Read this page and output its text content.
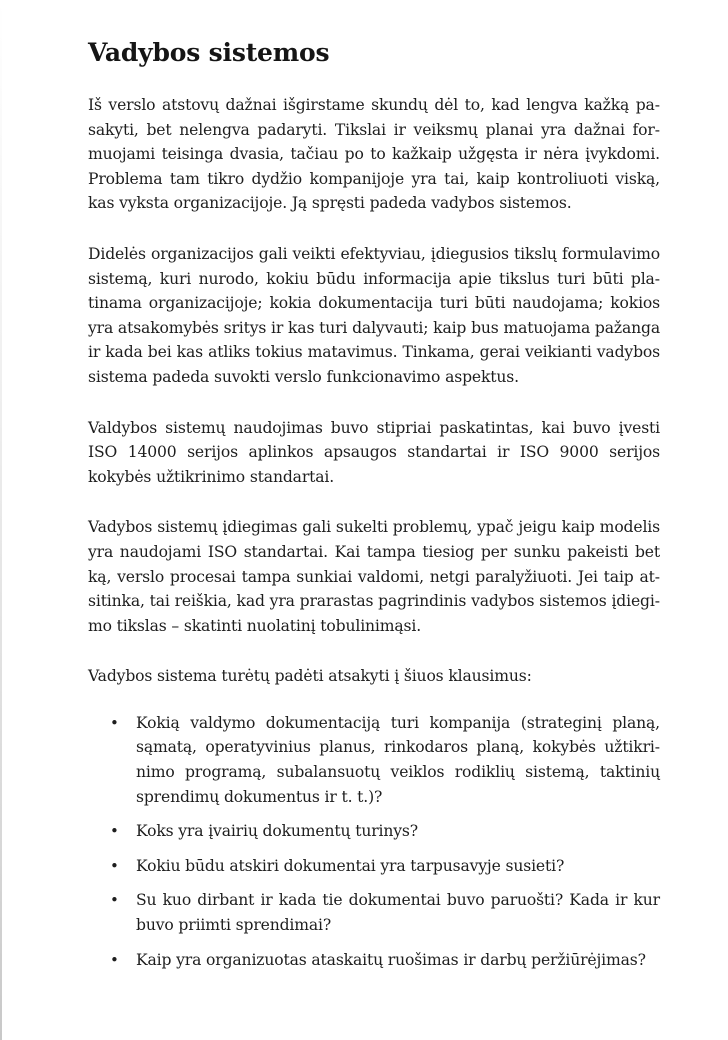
Vadybos sistemos

Iš verslo atstovų dažnai išgirstame skundų dėl to, kad lengva kažką pasakyti, bet nelengva padaryti. Tikslai ir veiksmų planai yra dažnai formuojami teisinga dvasia, tačiau po to kažkaip užgęsta ir nėra įvykdomi. Problema tam tikro dydžio kompanijoje yra tai, kaip kontroliuoti viską, kas vyksta organizacijoje. Ją spręsti padeda vadybos sistemos.

Didelės organizacijos gali veikti efektyviau, įdiegusios tikslų formulavimo sistemą, kuri nurodo, kokiu būdu informacija apie tikslus turi būti platinama organizacijoje; kokia dokumentacija turi būti naudojama; kokios yra atsakomybės sritys ir kas turi dalyvauti; kaip bus matuojama pažanga ir kada bei kas atliks tokius matavimus. Tinkama, gerai veikianti vadybos sistema padeda suvokti verslo funkcionavimo aspektus.

Valdybos sistemų naudojimas buvo stipriai paskatintas, kai buvo įvesti ISO 14000 serijos aplinkos apsaugos standartai ir ISO 9000 serijos kokybės užtikrinimo standartai.

Vadybos sistemų įdiegimas gali sukelti problemų, ypač jeigu kaip modelis yra naudojami ISO standartai. Kai tampa tiesiog per sunku pakeisti bet ką, verslo procesai tampa sunkiai valdomi, netgi paralyžiuoti. Jei taip atsitinka, tai reiškia, kad yra prarastas pagrindinis vadybos sistemos įdiegimo tikslas – skatinti nuolatinį tobulinimąsi.

Vadybos sistema turėtų padėti atsakyti į šiuos klausimus:

• Kokią valdymo dokumentaciją turi kompanija (strateginį planą, sąmatą, operatyvinius planus, rinkodaros planą, kokybės užtikrinimo programą, subalansuotų veiklos rodiklių sistemą, taktinių sprendimų dokumentus ir t. t.)?
• Koks yra įvairių dokumentų turinys?
• Kokiu būdu atskiri dokumentai yra tarpusavyje susieti?
• Su kuo dirbant ir kada tie dokumentai buvo paruošti? Kada ir kur buvo priimti sprendimai?
• Kaip yra organizuotas ataskaitų ruošimas ir darbų peržiūrėjimas?
